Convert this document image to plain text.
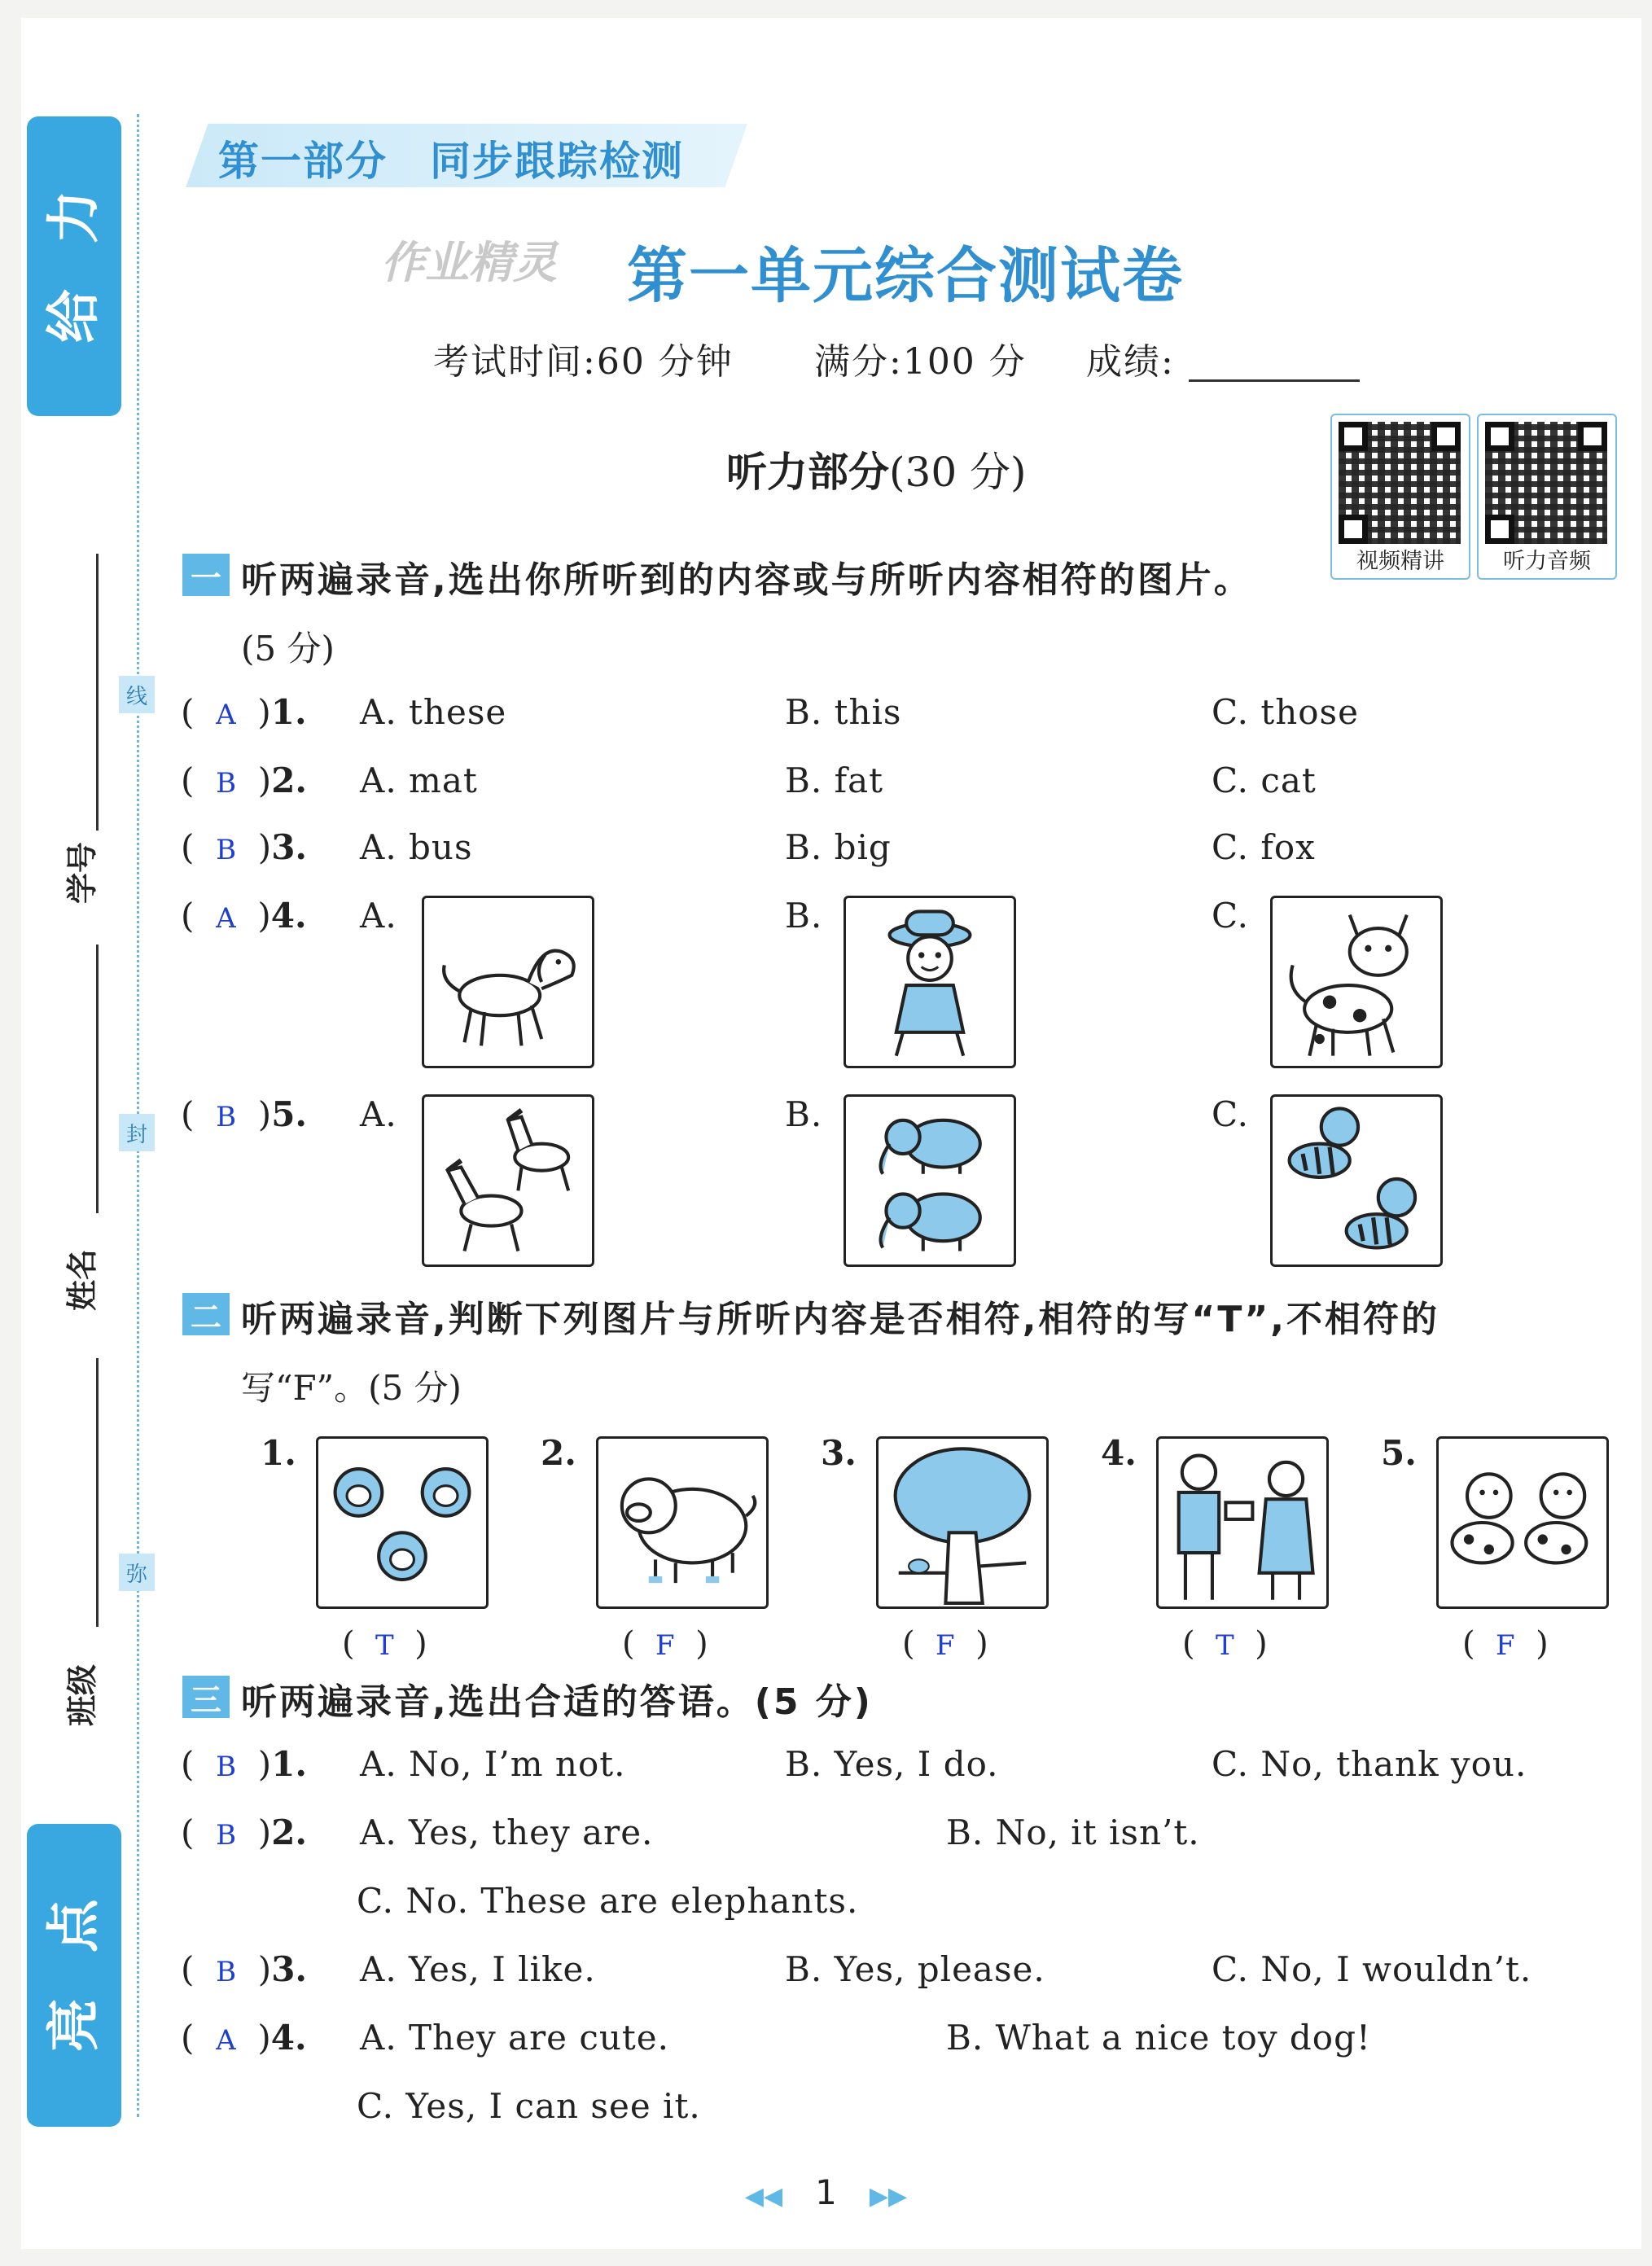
力
给
点
亮
线
封
弥
学号
姓名
班级
第一部分　同步跟踪检测
作业精灵 第一单元综合测试卷
考试时间:60 分钟 满分:100 分 成绩:
听力部分(30 分)
视频精讲	听力音频
一 听两遍录音,选出你所听到的内容或与所听内容相符的图片。
(5 分)
(  A  )1. A. these	B. this	C. those
(  B  )2. A. mat	B. fat	C. cat
(  B  )3. A. bus	B. big	C. fox
(  A  )4. A.	B.	C.
(  B  )5. A.	B.	C.
二 听两遍录音,判断下列图片与所听内容是否相符,相符的写“T”,不相符的
写“F”。(5 分)
1.
(  T  )
2.
(  F  )
3.
(  F  )
4.
(  T  )
5.
(  F  )
三 听两遍录音,选出合适的答语。(5 分)
(  B  )1. A. No, I’m not.	B. Yes, I do.	C. No, thank you.
(  B  )2. A. Yes, they are.	B. No, it isn’t.
C. No. These are elephants.
(  B  )3. A. Yes, I like.	B. Yes, please.	C. No, I wouldn’t.
(  A  )4. A. They are cute.	B. What a nice toy dog!
C. Yes, I can see it.
◀◀ 1 ▶▶
